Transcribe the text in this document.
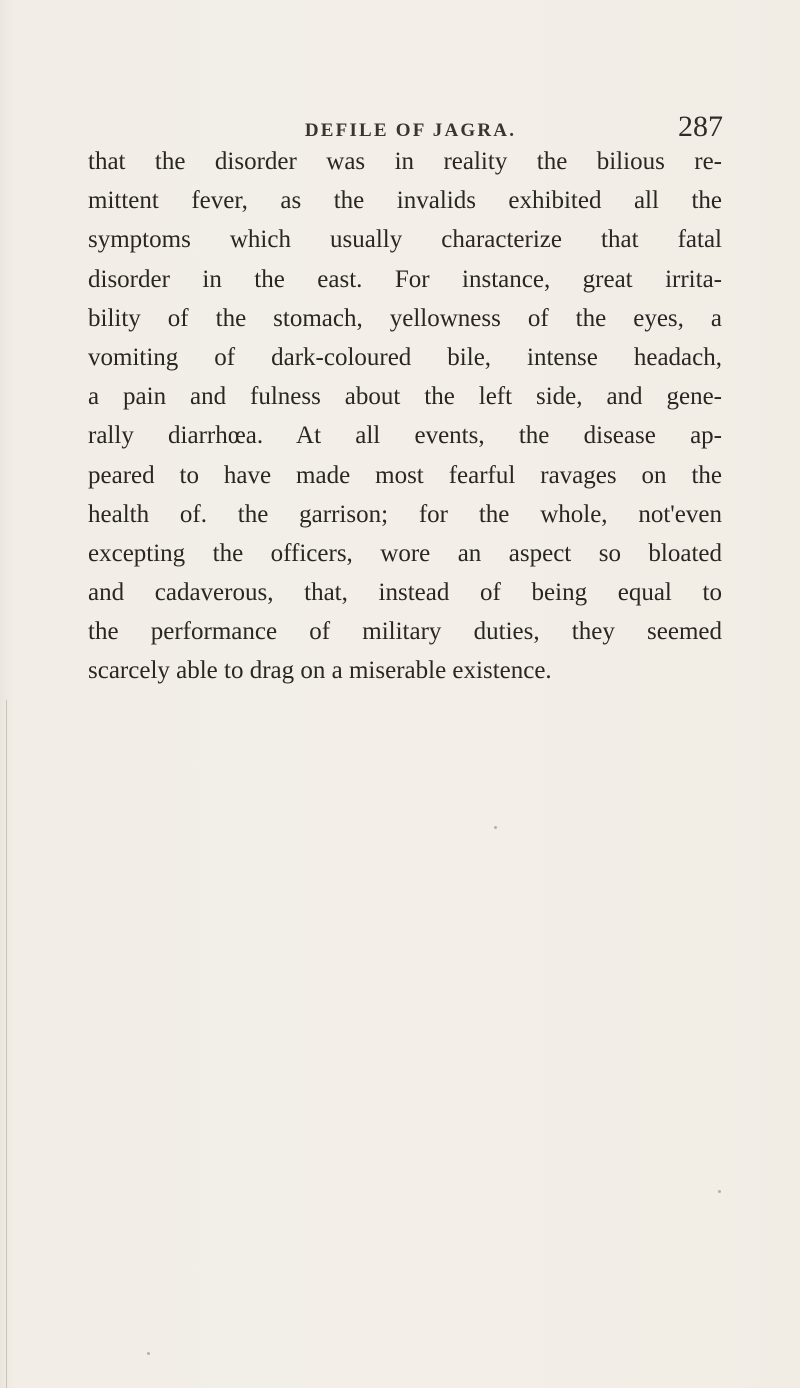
DEFILE OF JAGRA.	287
that the disorder was in reality the bilious re-
mittent fever, as the invalids exhibited all the
symptoms which usually characterize that fatal
disorder in the east. For instance, great irrita-
bility of the stomach, yellowness of the eyes, a
vomiting of dark-coloured bile, intense headach,
a pain and fulness about the left side, and gene-
rally diarrhœa. At all events, the disease ap-
peared to have made most fearful ravages on the
health of. the garrison; for the whole, not'even
excepting the officers, wore an aspect so bloated
and cadaverous, that, instead of being equal to
the performance of military duties, they seemed
scarcely able to drag on a miserable existence.
